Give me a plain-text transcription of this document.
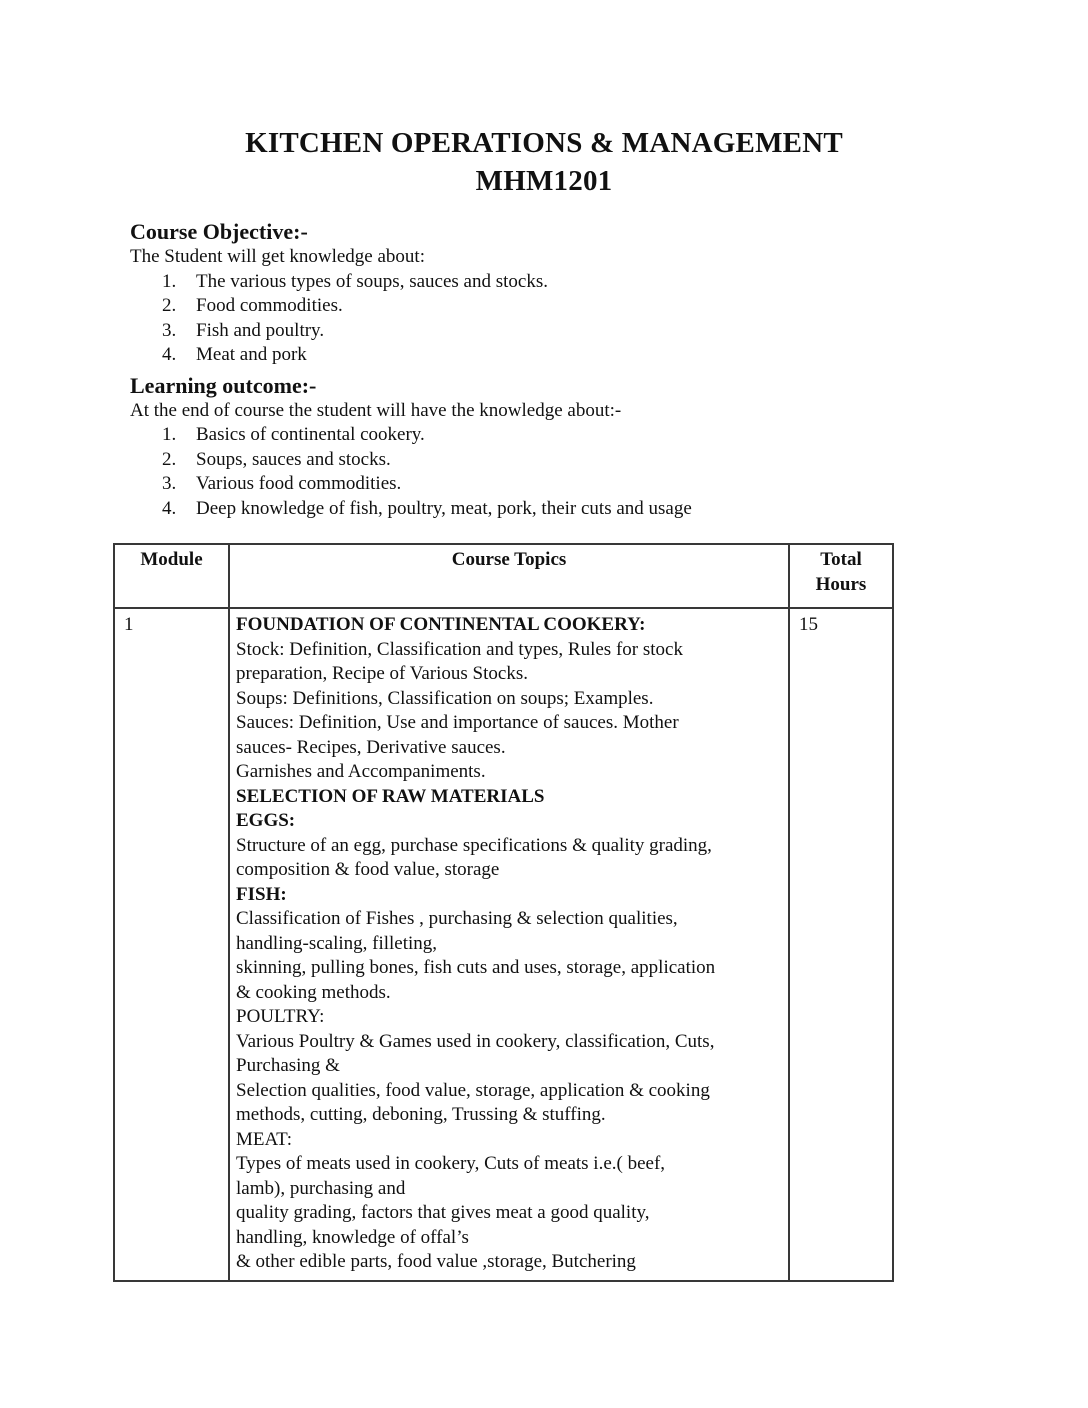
KITCHEN OPERATIONS & MANAGEMENT
MHM1201
Course Objective:-
The Student will get knowledge about:
1.	The various types of soups, sauces and stocks.
2.	Food commodities.
3.	Fish and poultry.
4.	Meat and pork
Learning outcome:-
At the end of course the student will have the knowledge about:-
1.	Basics of continental cookery.
2.	Soups, sauces and stocks.
3.	Various food commodities.
4.	Deep knowledge of fish, poultry, meat, pork, their cuts and usage
Module	Course Topics	Total
Hours

1	FOUNDATION OF CONTINENTAL COOKERY:
Stock: Definition, Classification and types, Rules for stock
preparation, Recipe of Various Stocks.
Soups: Definitions, Classification on soups; Examples.
Sauces: Definition, Use and importance of sauces. Mother
sauces- Recipes, Derivative sauces.
Garnishes and Accompaniments.
SELECTION OF RAW MATERIALS
EGGS:
Structure of an egg, purchase specifications & quality grading,
composition & food value, storage
FISH:
Classification of Fishes , purchasing & selection qualities,
handling-scaling, filleting,
skinning, pulling bones, fish cuts and uses, storage, application
& cooking methods.
POULTRY:
Various Poultry & Games used in cookery, classification, Cuts,
Purchasing &
Selection qualities, food value, storage, application & cooking
methods, cutting, deboning, Trussing & stuffing.
MEAT:
Types of meats used in cookery, Cuts of meats i.e.( beef,
lamb), purchasing and
quality grading, factors that gives meat a good quality,
handling, knowledge of offal’s
& other edible parts, food value ,storage, Butchering
	15
